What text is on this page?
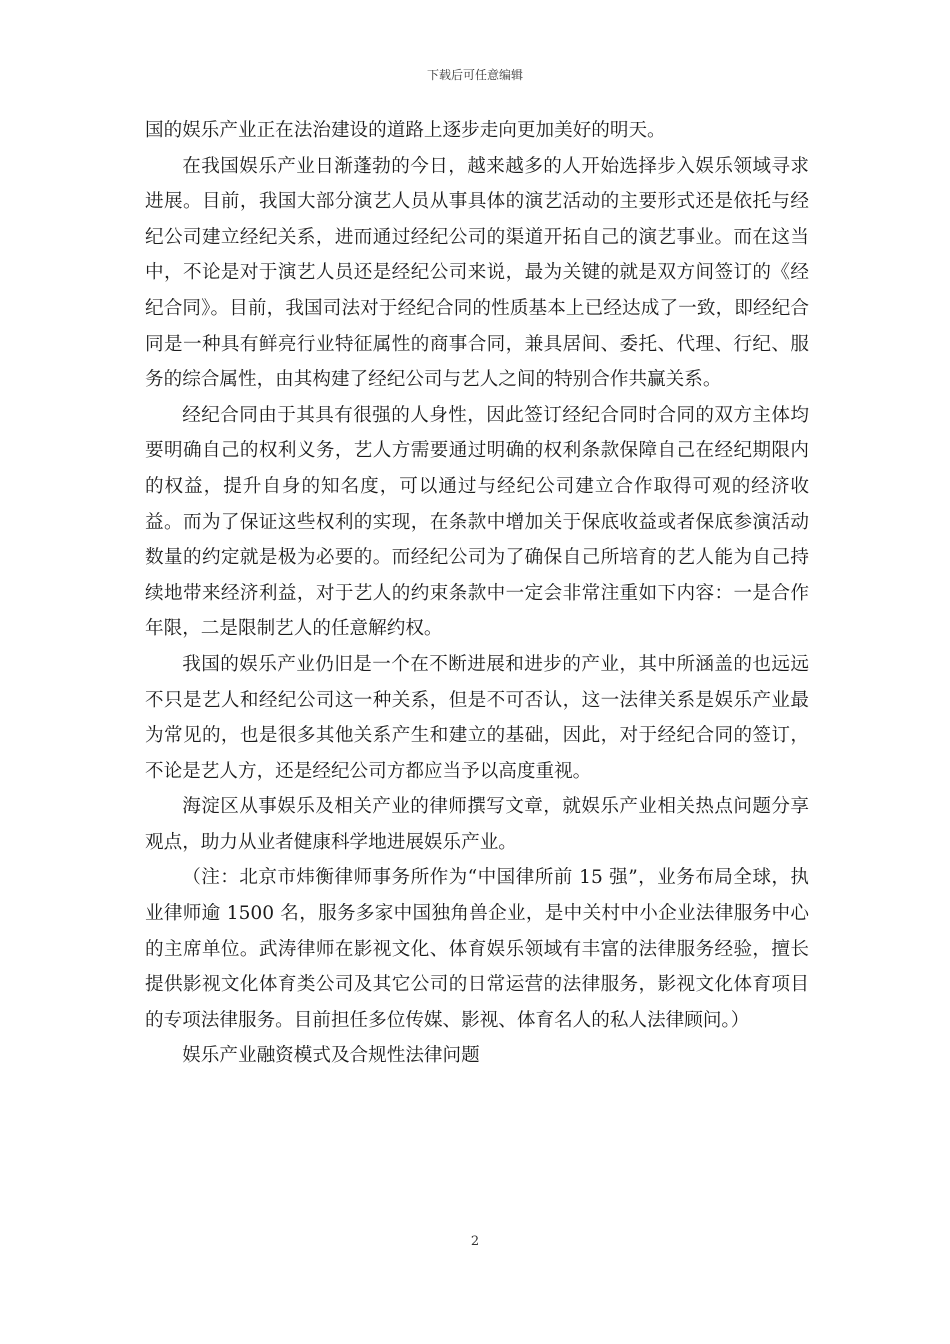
下载后可任意编辑

国的娱乐产业正在法治建设的道路上逐步走向更加美好的明天。

在我国娱乐产业日渐蓬勃的今日，越来越多的人开始选择步入娱乐领域寻求进展。目前，我国大部分演艺人员从事具体的演艺活动的主要形式还是依托与经纪公司建立经纪关系，进而通过经纪公司的渠道开拓自己的演艺事业。而在这当中，不论是对于演艺人员还是经纪公司来说，最为关键的就是双方间签订的《经纪合同》。目前，我国司法对于经纪合同的性质基本上已经达成了一致，即经纪合同是一种具有鲜亮行业特征属性的商事合同，兼具居间、委托、代理、行纪、服务的综合属性，由其构建了经纪公司与艺人之间的特别合作共赢关系。

经纪合同由于其具有很强的人身性，因此签订经纪合同时合同的双方主体均要明确自己的权利义务，艺人方需要通过明确的权利条款保障自己在经纪期限内的权益，提升自身的知名度，可以通过与经纪公司建立合作取得可观的经济收益。而为了保证这些权利的实现，在条款中增加关于保底收益或者保底参演活动数量的约定就是极为必要的。而经纪公司为了确保自己所培育的艺人能为自己持续地带来经济利益，对于艺人的约束条款中一定会非常注重如下内容：一是合作年限，二是限制艺人的任意解约权。

我国的娱乐产业仍旧是一个在不断进展和进步的产业，其中所涵盖的也远远不只是艺人和经纪公司这一种关系，但是不可否认，这一法律关系是娱乐产业最为常见的，也是很多其他关系产生和建立的基础，因此，对于经纪合同的签订，不论是艺人方，还是经纪公司方都应当予以高度重视。

海淀区从事娱乐及相关产业的律师撰写文章，就娱乐产业相关热点问题分享观点，助力从业者健康科学地进展娱乐产业。

（注：北京市炜衡律师事务所作为“中国律所前 15 强”，业务布局全球，执业律师逾 1500 名，服务多家中国独角兽企业，是中关村中小企业法律服务中心的主席单位。武涛律师在影视文化、体育娱乐领域有丰富的法律服务经验，擅长提供影视文化体育类公司及其它公司的日常运营的法律服务，影视文化体育项目的专项法律服务。目前担任多位传媒、影视、体育名人的私人法律顾问。）

娱乐产业融资模式及合规性法律问题

2
